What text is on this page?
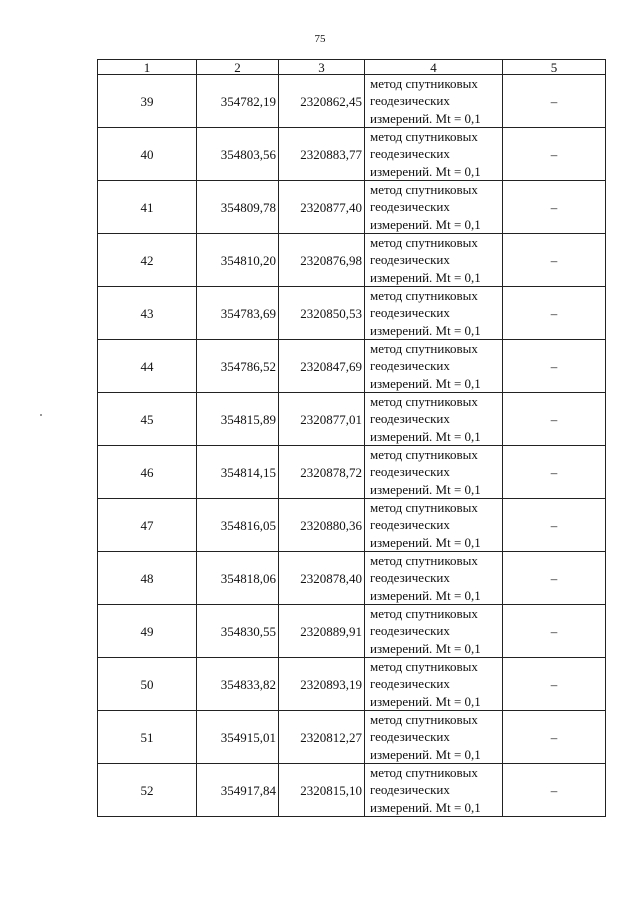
75
1	2	3	4	5
39	354782,19	2320862,45	метод спутниковых
геодезических
измерений. Mt = 0,1	–
40	354803,56	2320883,77	метод спутниковых
геодезических
измерений. Mt = 0,1	–
41	354809,78	2320877,40	метод спутниковых
геодезических
измерений. Mt = 0,1	–
42	354810,20	2320876,98	метод спутниковых
геодезических
измерений. Mt = 0,1	–
43	354783,69	2320850,53	метод спутниковых
геодезических
измерений. Mt = 0,1	–
44	354786,52	2320847,69	метод спутниковых
геодезических
измерений. Mt = 0,1	–
45	354815,89	2320877,01	метод спутниковых
геодезических
измерений. Mt = 0,1	–
46	354814,15	2320878,72	метод спутниковых
геодезических
измерений. Mt = 0,1	–
47	354816,05	2320880,36	метод спутниковых
геодезических
измерений. Mt = 0,1	–
48	354818,06	2320878,40	метод спутниковых
геодезических
измерений. Mt = 0,1	–
49	354830,55	2320889,91	метод спутниковых
геодезических
измерений. Mt = 0,1	–
50	354833,82	2320893,19	метод спутниковых
геодезических
измерений. Mt = 0,1	–
51	354915,01	2320812,27	метод спутниковых
геодезических
измерений. Mt = 0,1	–
52	354917,84	2320815,10	метод спутниковых
геодезических
измерений. Mt = 0,1	–
